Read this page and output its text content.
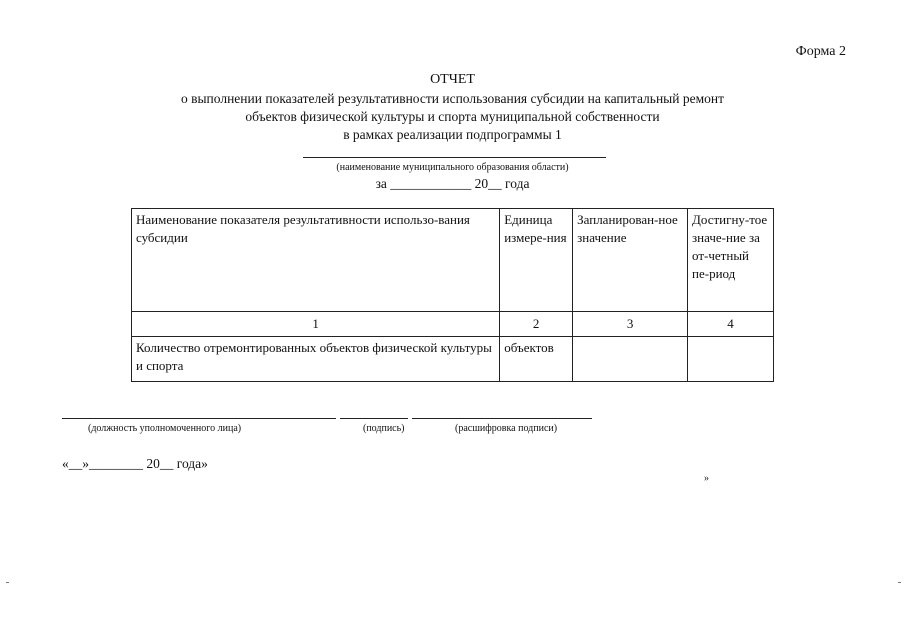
Форма 2
ОТЧЕТ
о выполнении показателей результативности использования субсидии на капитальный ремонт
объектов физической культуры и спорта муниципальной собственности
в рамках реализации подпрограммы 1
(наименование муниципального образования области)
за ____________ 20__ года
Наименование показателя результативности использо-вания субсидии	Единица измере-ния	Запланирован-ное значение	Достигну-тое значе-ние за от-четный пе-риод
1	2	3	4
Количество отремонтированных объектов физической культуры и спорта	объектов		
(должность уполномоченного лица)	(подпись)	(расшифровка подписи)
«__»________ 20__ года»
»
